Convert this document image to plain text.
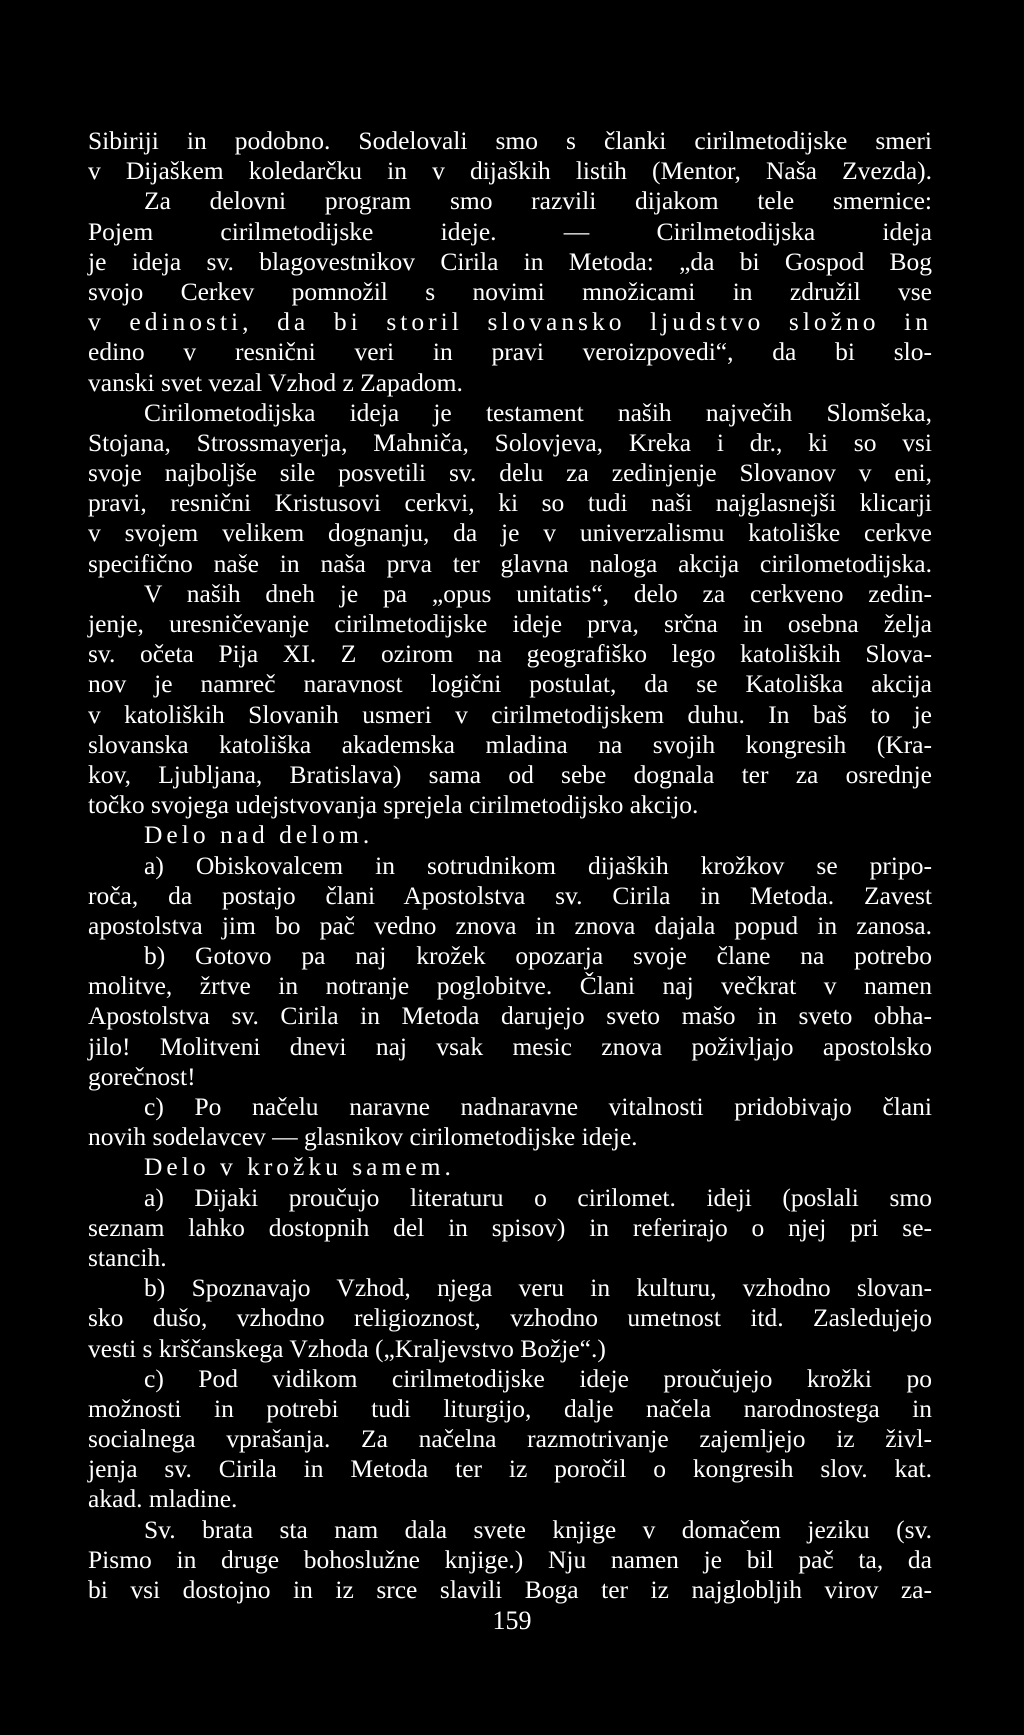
Sibiriji in podobno. Sodelovali smo s članki cirilmetodijske smeri
v Dijaškem koledarčku in v dijaških listih (Mentor, Naša Zvezda).
Za delovni program smo razvili dijakom tele smernice:
Pojem cirilmetodijske ideje. — Cirilmetodijska ideja
je ideja sv. blagovestnikov Cirila in Metoda: „da bi Gospod Bog
svojo Cerkev pomnožil s novimi množicami in združil vse
v edinosti, da bi storil slovansko ljudstvo složno in
edino v resnični veri in pravi veroizpovedi“, da bi slo-
vanski svet vezal Vzhod z Zapadom.
Cirilometodijska ideja je testament naših največih Slomšeka,
Stojana, Strossmayerja, Mahniča, Solovjeva, Kreka i dr., ki so vsi
svoje najboljše sile posvetili sv. delu za zedinjenje Slovanov v eni,
pravi, resnični Kristusovi cerkvi, ki so tudi naši najglasnejši klicarji
v svojem velikem dognanju, da je v univerzalismu katoliške cerkve
specifično naše in naša prva ter glavna naloga akcija cirilometodijska.
V naših dneh je pa „opus unitatis“, delo za cerkveno zedin-
jenje, uresničevanje cirilmetodijske ideje prva, srčna in osebna želja
sv. očeta Pija XI. Z ozirom na geografiško lego katoliških Slova-
nov je namreč naravnost logični postulat, da se Katoliška akcija
v katoliških Slovanih usmeri v cirilmetodijskem duhu. In baš to je
slovanska katoliška akademska mladina na svojih kongresih (Kra-
kov, Ljubljana, Bratislava) sama od sebe dognala ter za osrednje
točko svojega udejstvovanja sprejela cirilmetodijsko akcijo.
Delo nad delom.
a) Obiskovalcem in sotrudnikom dijaških krožkov se pripo-
roča, da postajo člani Apostolstva sv. Cirila in Metoda. Zavest
apostolstva jim bo pač vedno znova in znova dajala popud in zanosa.
b) Gotovo pa naj krožek opozarja svoje člane na potrebo
molitve, žrtve in notranje poglobitve. Člani naj večkrat v namen
Apostolstva sv. Cirila in Metoda darujejo sveto mašo in sveto obha-
jilo! Molitveni dnevi naj vsak mesic znova poživljajo apostolsko
gorečnost!
c) Po načelu naravne nadnaravne vitalnosti pridobivajo člani
novih sodelavcev — glasnikov cirilometodijske ideje.
Delo v krožku samem.
a) Dijaki proučujo literaturu o cirilomet. ideji (poslali smo
seznam lahko dostopnih del in spisov) in referirajo o njej pri se-
stancih.
b) Spoznavajo Vzhod, njega veru in kulturu, vzhodno slovan-
sko dušo, vzhodno religioznost, vzhodno umetnost itd. Zasledujejo
vesti s krščanskega Vzhoda („Kraljevstvo Božje“.)
c) Pod vidikom cirilmetodijske ideje proučujejo krožki po
možnosti in potrebi tudi liturgijo, dalje načela narodnostega in
socialnega vprašanja. Za načelna razmotrivanje zajemljejo iz živl-
jenja sv. Cirila in Metoda ter iz poročil o kongresih slov. kat.
akad. mladine.
Sv. brata sta nam dala svete knjige v domačem jeziku (sv.
Pismo in druge bohoslužne knjige.) Nju namen je bil pač ta, da
bi vsi dostojno in iz srce slavili Boga ter iz najglobljih virov za-
159
